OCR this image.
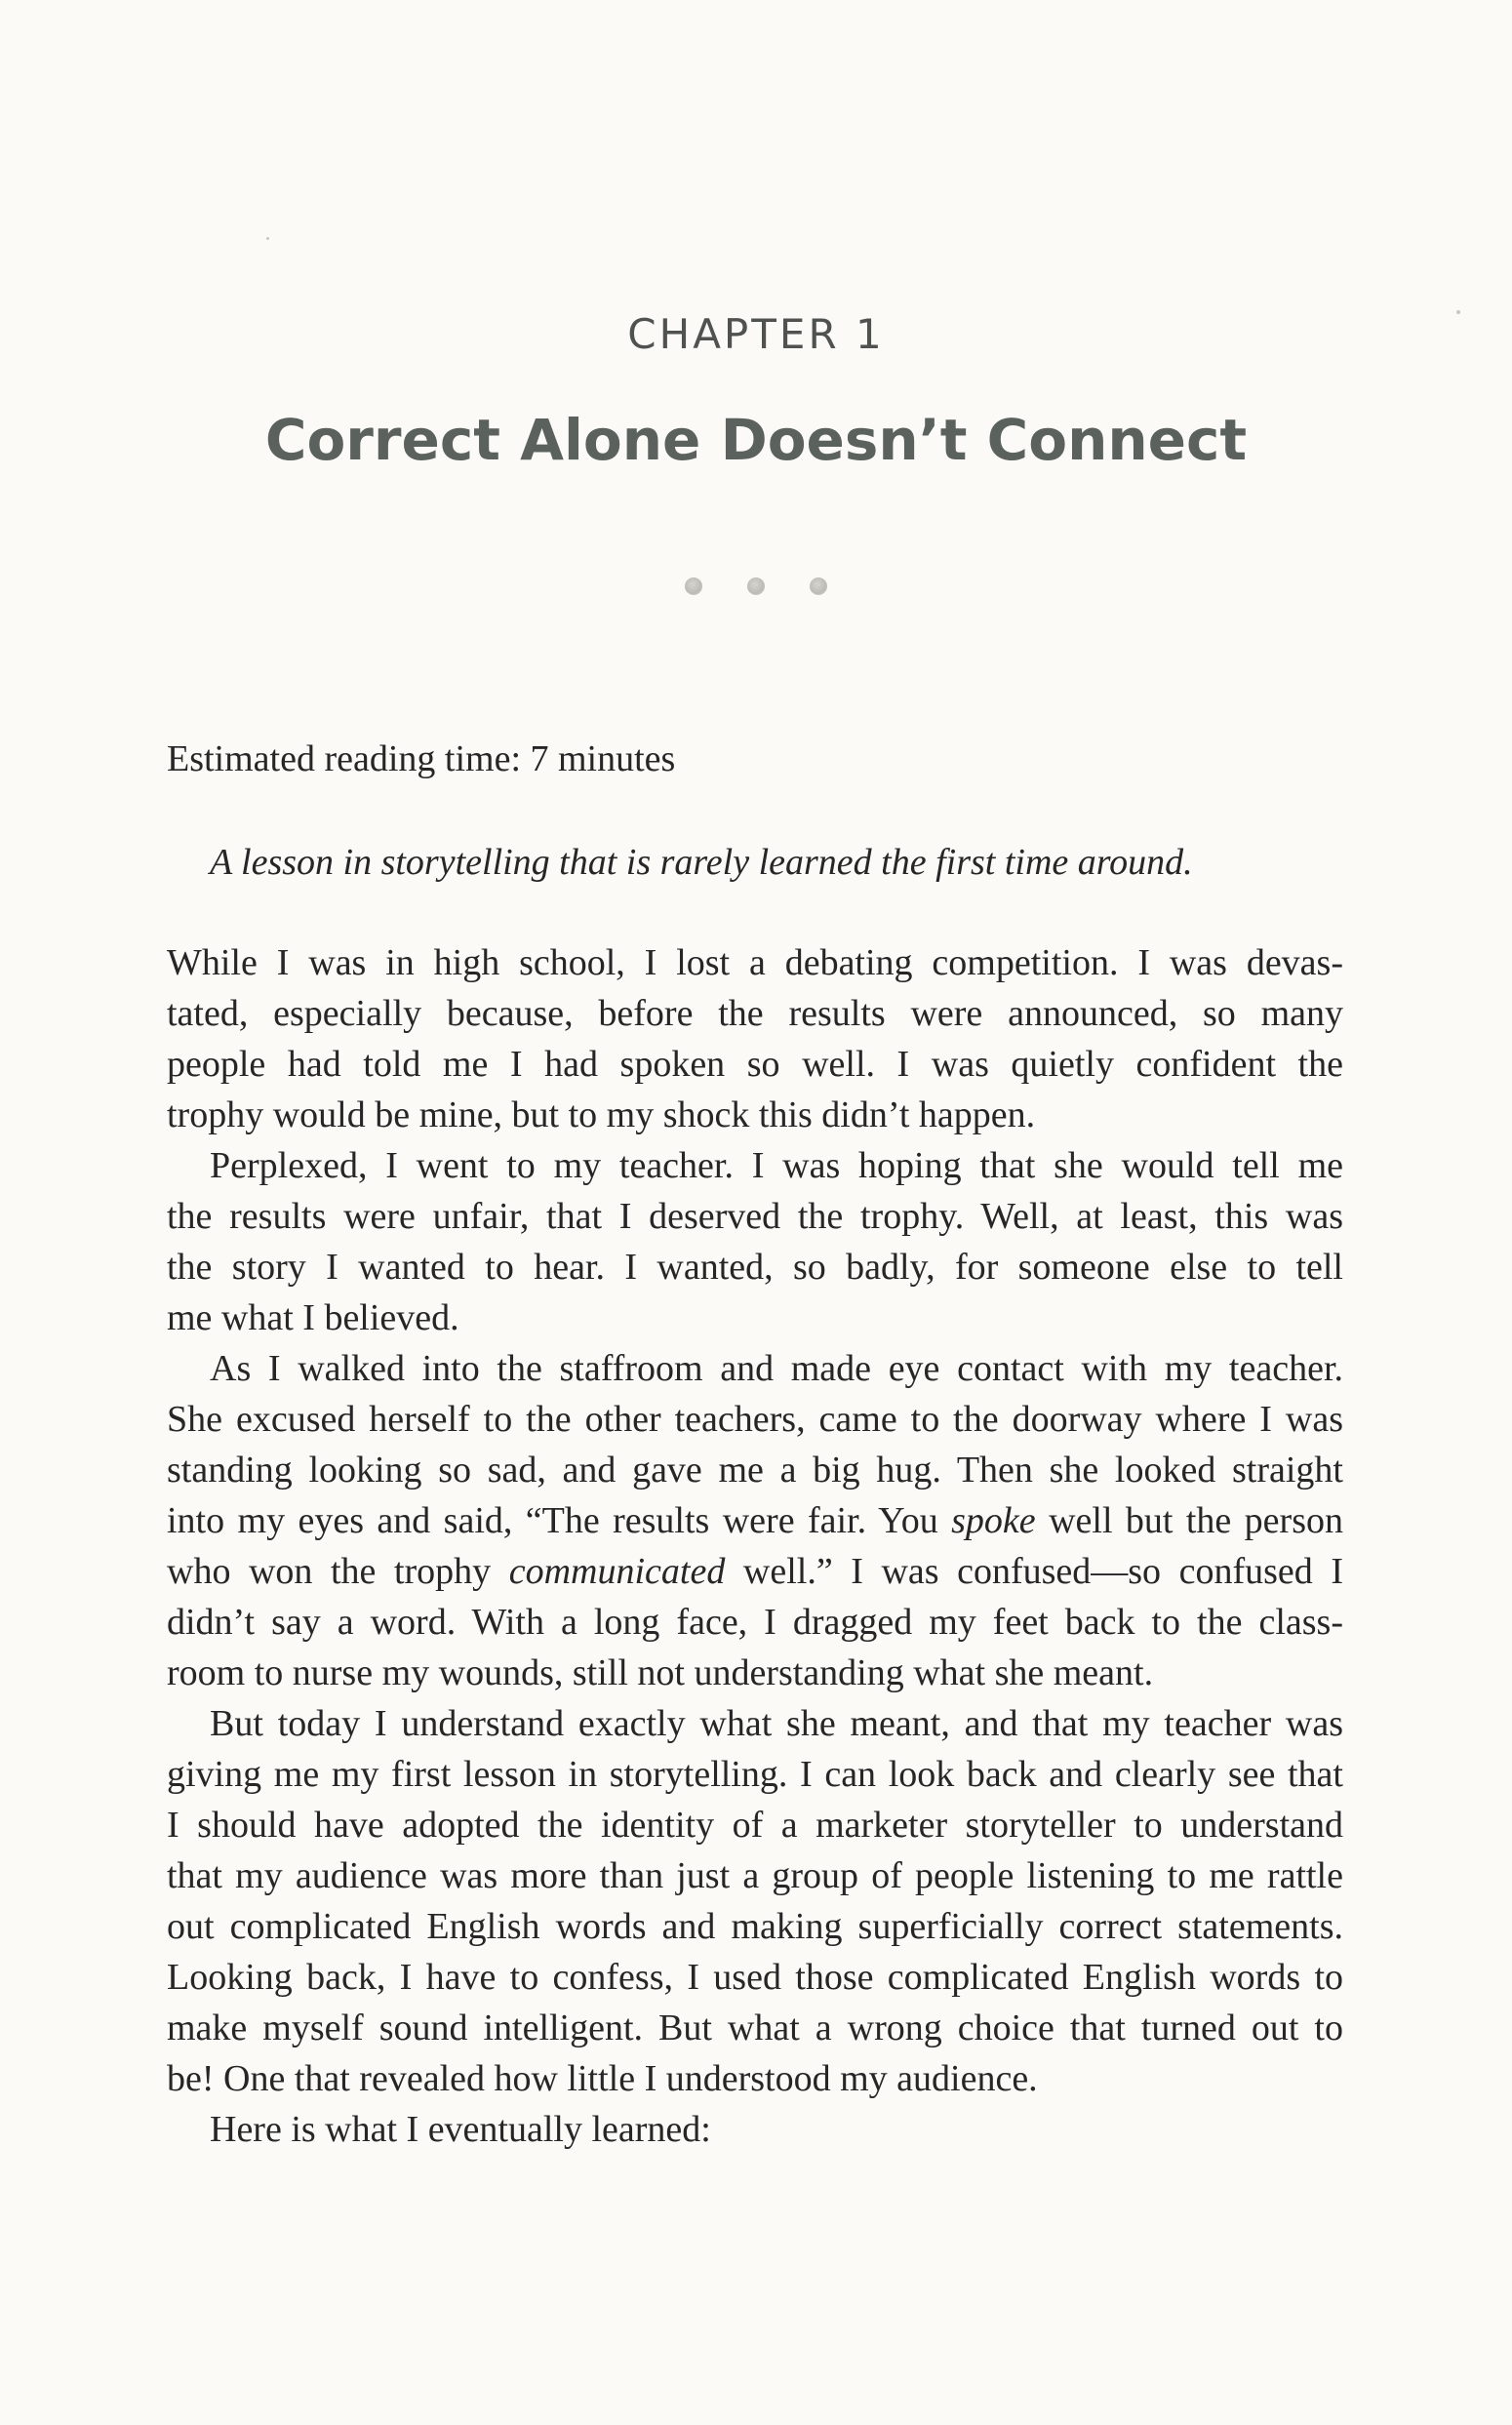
CHAPTER 1
Correct Alone Doesn’t Connect
Estimated reading time: 7 minutes
A lesson in storytelling that is rarely learned the first time around.
While I was in high school, I lost a debating competition. I was devas-
tated, especially because, before the results were announced, so many
people had told me I had spoken so well. I was quietly confident the
trophy would be mine, but to my shock this didn’t happen.
Perplexed, I went to my teacher. I was hoping that she would tell me
the results were unfair, that I deserved the trophy. Well, at least, this was
the story I wanted to hear. I wanted, so badly, for someone else to tell
me what I believed.
As I walked into the staffroom and made eye contact with my teacher.
She excused herself to the other teachers, came to the doorway where I was
standing looking so sad, and gave me a big hug. Then she looked straight
into my eyes and said, “The results were fair. You spoke well but the person
who won the trophy communicated well.” I was confused—so confused I
didn’t say a word. With a long face, I dragged my feet back to the class-
room to nurse my wounds, still not understanding what she meant.
But today I understand exactly what she meant, and that my teacher was
giving me my first lesson in storytelling. I can look back and clearly see that
I should have adopted the identity of a marketer storyteller to understand
that my audience was more than just a group of people listening to me rattle
out complicated English words and making superficially correct statements.
Looking back, I have to confess, I used those complicated English words to
make myself sound intelligent. But what a wrong choice that turned out to
be! One that revealed how little I understood my audience.
Here is what I eventually learned:
